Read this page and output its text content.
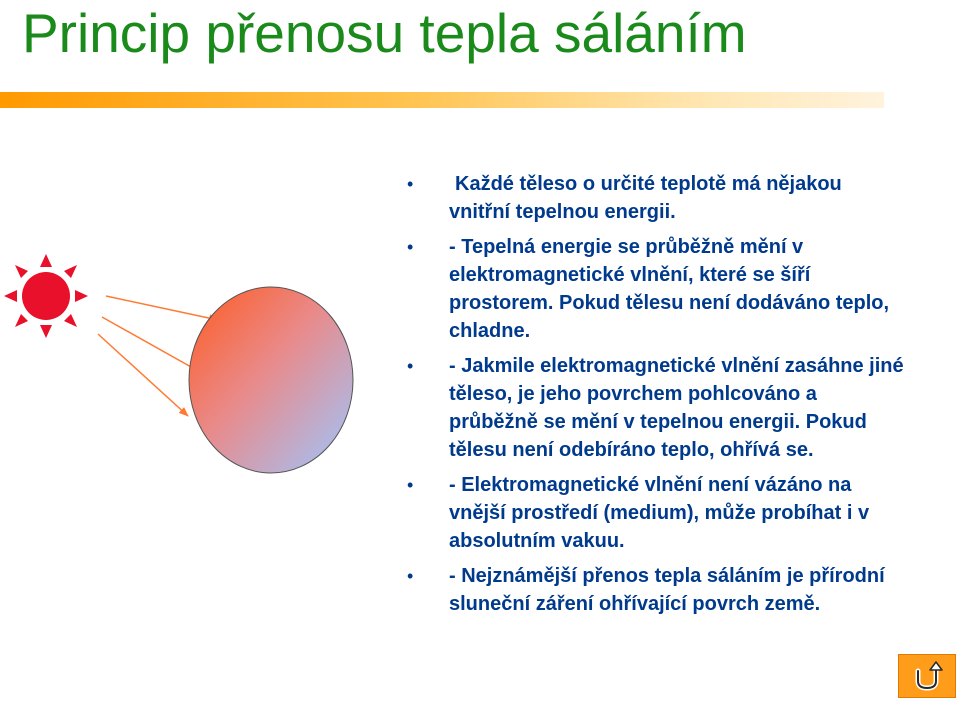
Princip přenosu tepla sáláním
• Každé těleso o určité teplotě má nějakou vnitřní tepelnou energii.
• - Tepelná energie se průběžně mění v elektromagnetické vlnění, které se šíří prostorem. Pokud tělesu není dodáváno teplo, chladne.
• - Jakmile elektromagnetické vlnění zasáhne jiné těleso, je jeho povrchem pohlcováno a průběžně se mění v tepelnou energii. Pokud tělesu není odebíráno teplo, ohřívá se.
• - Elektromagnetické vlnění není vázáno na vnější prostředí (medium), může probíhat i v absolutním vakuu.
• - Nejznámější přenos tepla sáláním je přírodní sluneční záření ohřívající povrch země.
